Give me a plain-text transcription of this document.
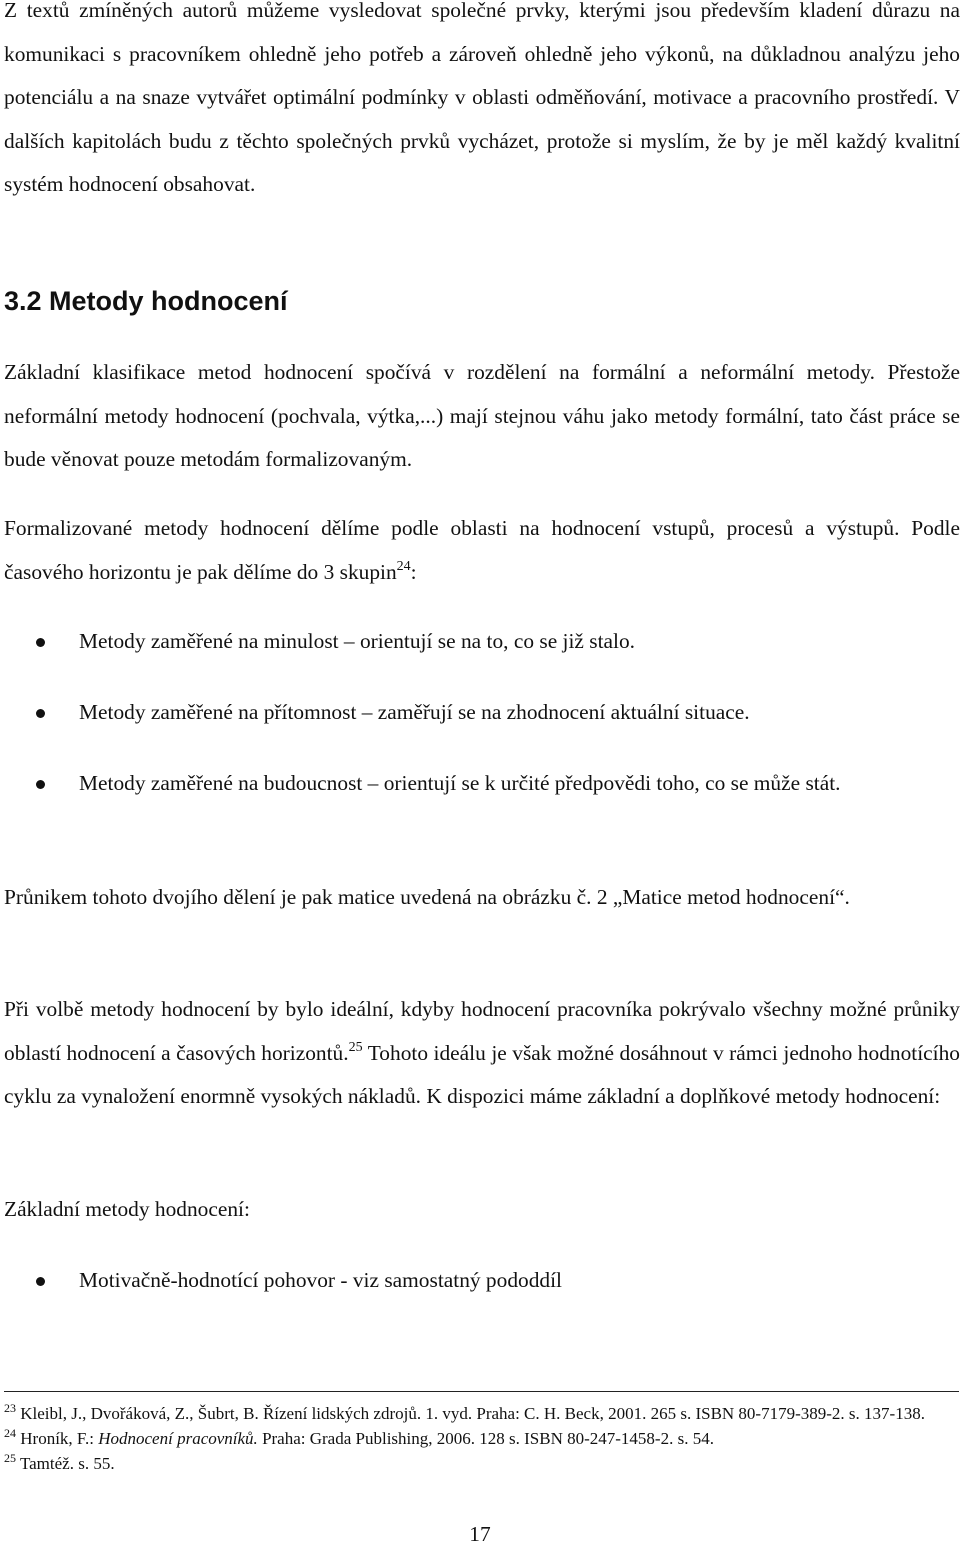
Z textů zmíněných autorů můžeme vysledovat společné prvky, kterými jsou především kladení důrazu na komunikaci s pracovníkem ohledně jeho potřeb a zároveň ohledně jeho výkonů, na důkladnou analýzu jeho potenciálu a na snaze vytvářet optimální podmínky v oblasti odměňování, motivace a pracovního prostředí. V dalších kapitolách budu z těchto společných prvků vycházet, protože si myslím, že by je měl každý kvalitní systém hodnocení obsahovat.

3.2 Metody hodnocení

Základní klasifikace metod hodnocení spočívá v rozdělení na formální a neformální metody. Přestože neformální metody hodnocení (pochvala, výtka,...) mají stejnou váhu jako metody formální, tato část práce se bude věnovat pouze metodám formalizovaným.

Formalizované metody hodnocení dělíme podle oblasti na hodnocení vstupů, procesů a výstupů. Podle časového horizontu je pak dělíme do 3 skupin$^{24}$:

Metody zaměřené na minulost – orientují se na to, co se již stalo.
Metody zaměřené na přítomnost – zaměřují se na zhodnocení aktuální situace.
Metody zaměřené na budoucnost – orientují se k určité předpovědi toho, co se může stát.

Průnikem tohoto dvojího dělení je pak matice uvedená na obrázku č. 2 „Matice metod hodnocení“.

Při volbě metody hodnocení by bylo ideální, kdyby hodnocení pracovníka pokrývalo všechny možné průniky oblastí hodnocení a časových horizontů.$^{25}$ Tohoto ideálu je však možné dosáhnout v rámci jednoho hodnotícího cyklu za vynaložení enormně vysokých nákladů. K dispozici máme základní a doplňkové metody hodnocení:

Základní metody hodnocení:

Motivačně-hodnotící pohovor - viz samostatný pododdíl

$^{23}$ Kleibl, J., Dvořáková, Z., Šubrt, B. Řízení lidských zdrojů. 1. vyd. Praha: C. H. Beck, 2001. 265 s. ISBN 80-7179-389-2. s. 137-138.

$^{24}$ Hroník, F.: Hodnocení pracovníků. Praha: Grada Publishing, 2006. 128 s. ISBN 80-247-1458-2. s. 54.

$^{25}$ Tamtéž. s. 55.

17
